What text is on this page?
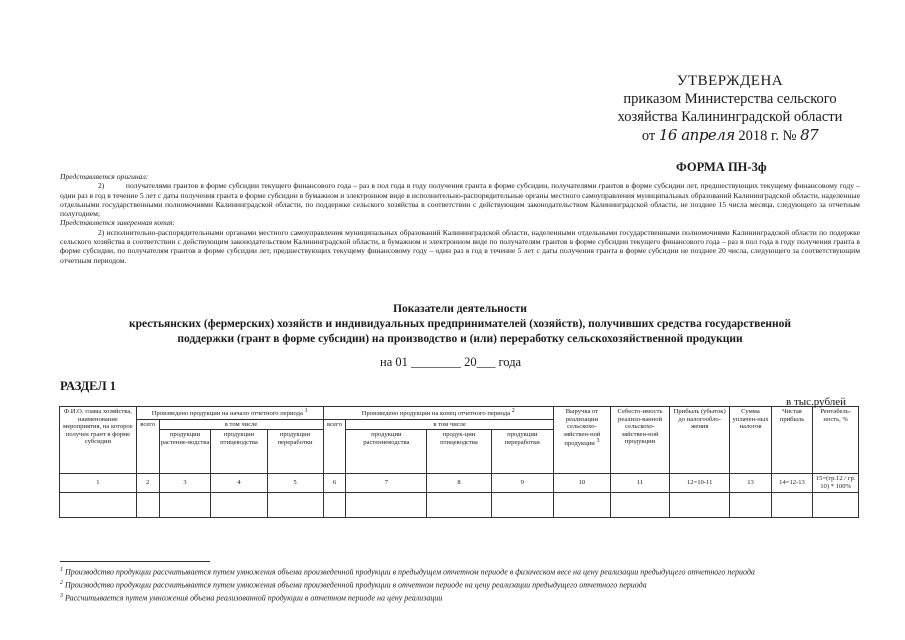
УТВЕРЖДЕНА
приказом Министерства сельского
хозяйства Калининградской области
от 16 апреля 2018 г. № 87
ФОРМА ПН-3ф

Представляется оригинал:

2)          получателями грантов в форме субсидии текущего финансового года – раз в пол года в году получения гранта в форме субсидии, получателями грантов в форме субсидии лет, предшествующих текущему финансовому году – один раз в год в течение 5 лет с даты получения гранта в форме субсидии в бумажном и электронном виде в исполнительно-распорядительные органы местного самоуправления муниципальных образований Калининградской области, наделенные отдельными государственными полномочиями Калининградской области, по поддержке сельского хозяйства в соответствии с действующим законодательством Калининградской области, не позднее 15 числа месяца, следующего за отчетным полугодием;

Представляется заверенная копия:

2) исполнительно-распорядительными органами местного самоуправления муниципальных образований Калининградской области, наделенными отдельными государственными полномочиями Калининградской области по подержке сельского хозяйства в соответствии с действующим законодательством Калининградской области, в бумажном и электронном виде по получателям грантов в форме субсидии текущего финансового года – раз в пол года в году получения гранта в форме субсидии, по получателям грантов в форме субсидии лет, предшествующих текущему финансовому году – один раз в год в течение 5 лет с даты получения гранта в форме субсидии не позднее 20 числа, следующего за соответствующим отчетным периодом.

Показатели деятельности
крестьянских (фермерских) хозяйств и индивидуальных предпринимателей (хозяйств), получивших средства государственной
поддержки (грант в форме субсидии) на производство и (или) переработку сельскохозяйственной продукции
на 01 ________ 20___ года
РАЗДЕЛ 1
в тыс.рублей
Ф.И.О. главы хозяйства, наименование мероприятия, на которое получен грант в форме субсидии	Произведено продукции на начало отчетного периода $^1$				Произведено продукции на конец отчетного периода $^2$				Выручка от реализации сельскохо-зяйствен-ной продукции $^3$	Себесто-имость реализо-ванной сельскохо-зяйствен-ной продукции	Прибыль (убыток) до налогообло-жения	Сумма уплачен-ных налогов	Чистая прибыль	Рентабель-ность, %
	всего	в том числе			всего	в том числе								
		продукции растение-водства	продукции птицеводства	продукции переработки		продукции растениеводства	продук-ции птицеводства	продукции переработки						
1	2	3	4	5	6	7	8	9	10	11	12=10-11	13	14=12-13	15=(гр.12 / гр. 10) * 100%

$^1$ Производство продукции рассчитывается путем умножения объема произведенной продукции в предыдущем отчетном периоде в физическом весе на цену реализации предыдущего отчетного периода

$^2$ Производство продукции рассчитывается путем умножения объема произведенной продукции в отчетном периоде на цену реализации предыдущего отчетного периода

$^3$ Рассчитывается путем умножения объема реализованной продукции в отчетном периоде на цену реализации
